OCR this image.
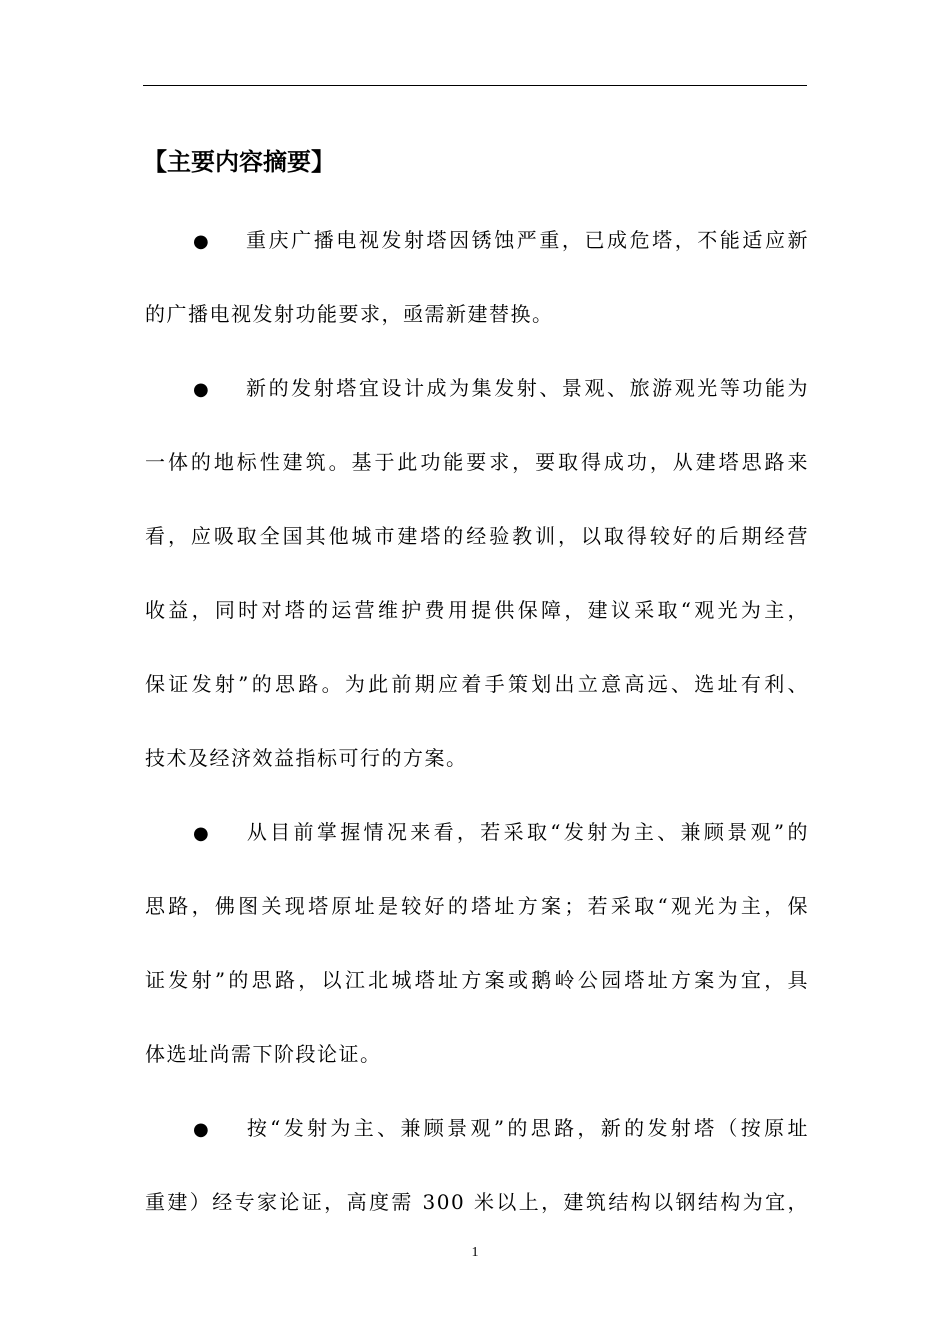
【主要内容摘要】
● 重庆广播电视发射塔因锈蚀严重，已成危塔，不能适应新
的广播电视发射功能要求，亟需新建替换。
● 新的发射塔宜设计成为集发射、景观、旅游观光等功能为
一体的地标性建筑。基于此功能要求，要取得成功，从建塔思路来
看，应吸取全国其他城市建塔的经验教训，以取得较好的后期经营
收益，同时对塔的运营维护费用提供保障，建议采取“观光为主，
保证发射”的思路。为此前期应着手策划出立意高远、选址有利、
技术及经济效益指标可行的方案。
● 从目前掌握情况来看，若采取“发射为主、兼顾景观”的
思路，佛图关现塔原址是较好的塔址方案；若采取“观光为主，保
证发射”的思路，以江北城塔址方案或鹅岭公园塔址方案为宜，具
体选址尚需下阶段论证。
● 按“发射为主、兼顾景观”的思路，新的发射塔（按原址
重建）经专家论证，高度需 300 米以上，建筑结构以钢结构为宜，
1
